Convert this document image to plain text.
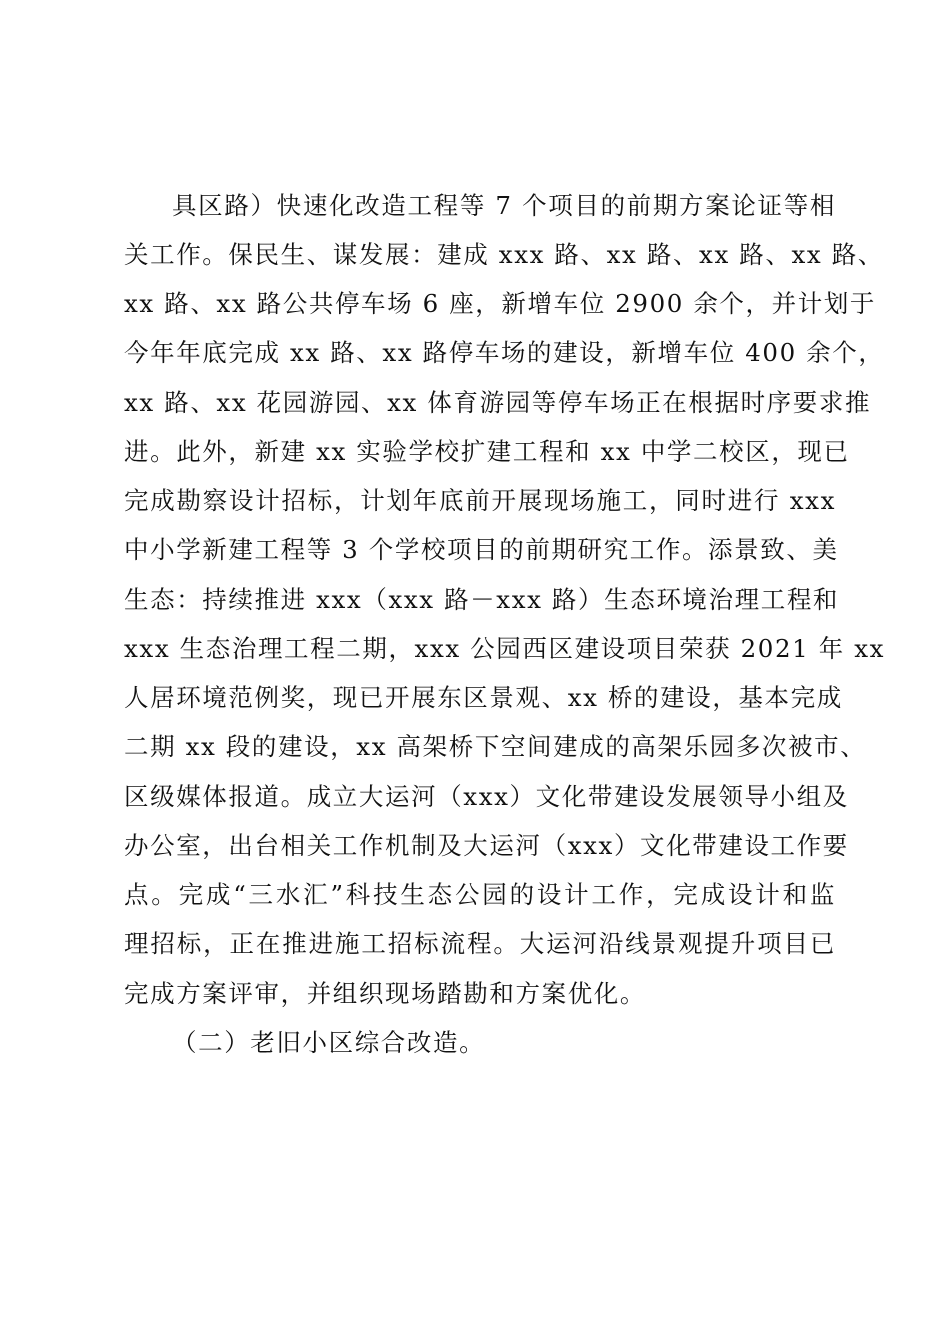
具区路）快速化改造工程等 7 个项目的前期方案论证等相
关工作。保民生、谋发展：建成 xxx 路、xx 路、xx 路、xx 路、
xx 路、xx 路公共停车场 6 座，新增车位 2900 余个，并计划于
今年年底完成 xx 路、xx 路停车场的建设，新增车位 400 余个，
xx 路、xx 花园游园、xx 体育游园等停车场正在根据时序要求推
进。此外，新建 xx 实验学校扩建工程和 xx 中学二校区，现已
完成勘察设计招标，计划年底前开展现场施工，同时进行 xxx
中小学新建工程等 3 个学校项目的前期研究工作。添景致、美
生态：持续推进 xxx（xxx 路－xxx 路）生态环境治理工程和
xxx 生态治理工程二期，xxx 公园西区建设项目荣获 2021 年 xx
人居环境范例奖，现已开展东区景观、xx 桥的建设，基本完成
二期 xx 段的建设，xx 高架桥下空间建成的高架乐园多次被市、
区级媒体报道。成立大运河（xxx）文化带建设发展领导小组及
办公室，出台相关工作机制及大运河（xxx）文化带建设工作要
点。完成“三水汇”科技生态公园的设计工作，完成设计和监
理招标，正在推进施工招标流程。大运河沿线景观提升项目已
完成方案评审，并组织现场踏勘和方案优化。
（二）老旧小区综合改造。
